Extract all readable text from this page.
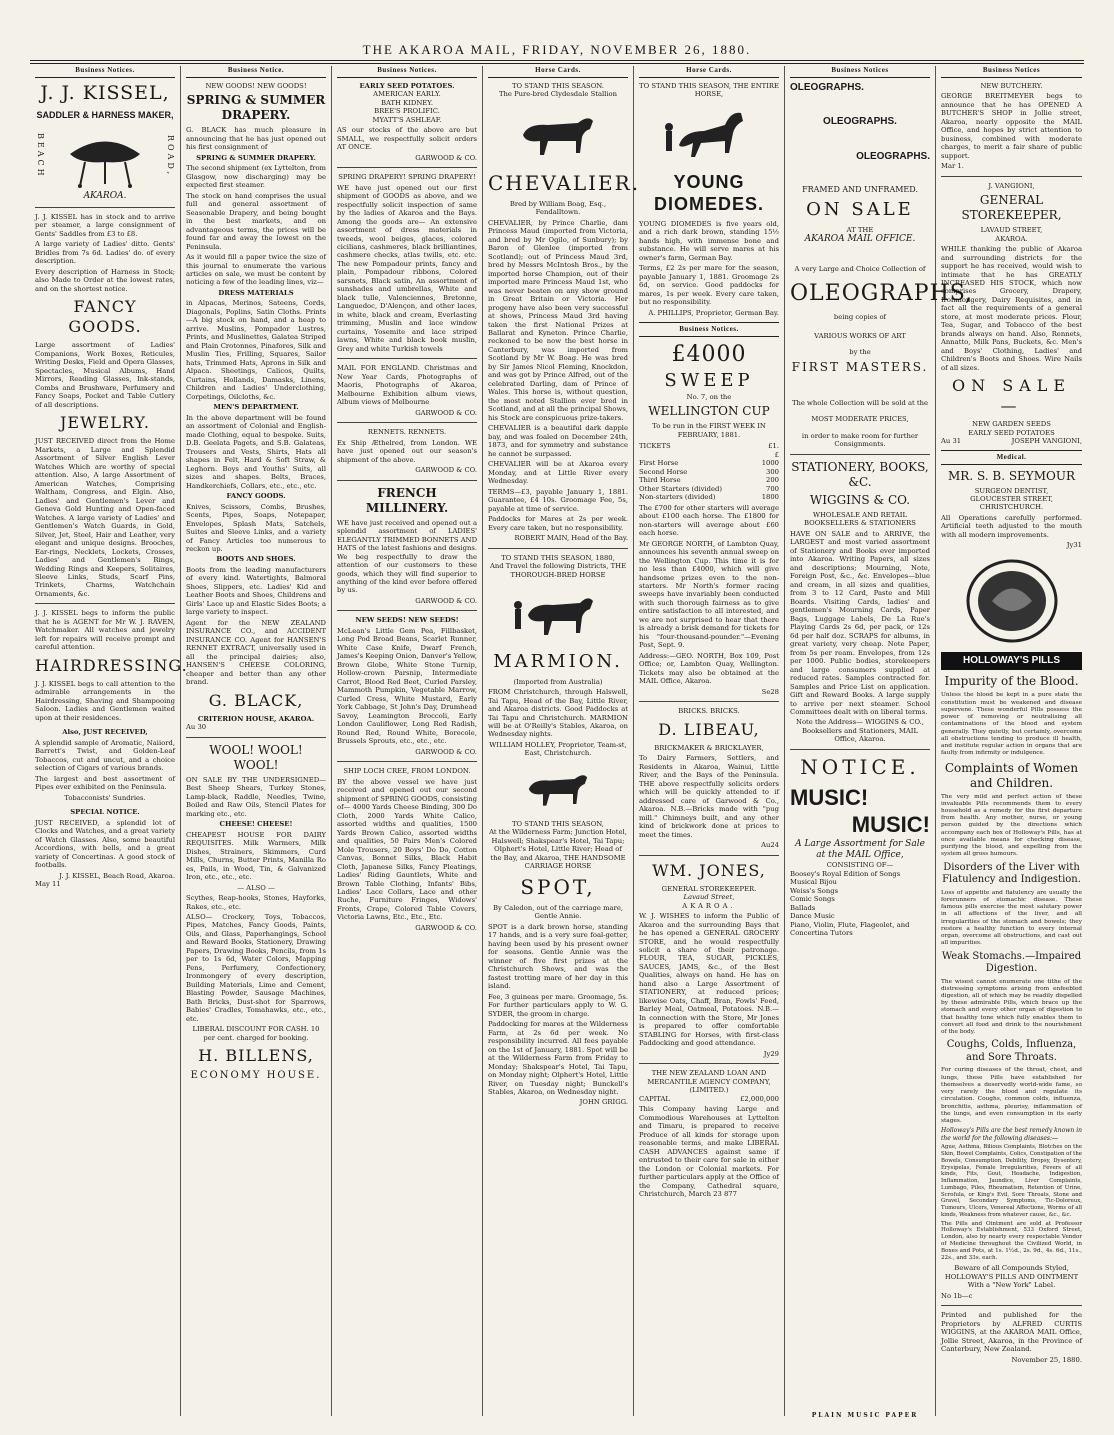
THE AKAROA MAIL, FRIDAY, NOVEMBER 26, 1880.
Business Notices.
J. J. KISSEL,
SADDLER & HARNESS MAKER,
BEACH	ROAD,
AKAROA.

J. J. KISSEL has in stock and to arrive per steamer, a large consignment of Gents' Saddles from £3 to £8.

A large variety of Ladies' ditto. Gents' Bridles from 7s 6d. Ladies' do. of every description.

Every description of Harness in Stock; also Made to Order at the lowest rates, and on the shortest notice.

FANCY GOODS.

Large assortment of Ladies' Companions, Work Boxes, Reticules, Writing Desks, Field and Opera Glasses, Spectacles, Musical Albums, Hand Mirrors, Reading Glasses, Ink-stands, Combs and Brushware, Perfumery and Fancy Soaps, Pocket and Table Cutlery of all descriptions.

JEWELRY.

JUST RECEIVED direct from the Home Markets, a Large and Splendid Assortment of Silver English Lever Watches Which are worthy of special attention. Also, A large Assortment of American Watches, Comprising Waltham, Congress, and Elgin. Also, Ladies' and Gentlemen's Lever and Geneva Gold Hunting and Open-faced Watches. A large variety of Ladies' and Gentlemen's Watch Guards, in Gold, Silver, Jet, Steel, Hair and Leather, very elegant and unique designs. Brooches, Ear-rings, Necklets, Lockets, Crosses, Ladies' and Gentlemen's Rings, Wedding Rings and Keepers, Solitaires, Sleeve Links, Studs, Scarf Pins, Trinkets, Charms, Watchchain Ornaments, &c.

J. J. KISSEL begs to inform the public that he is AGENT for Mr W. J. RAVEN, Watchmaker. All watches and jewelry left for repairs will receive prompt and careful attention.

HAIRDRESSING.

J. J. KISSEL begs to call attention to the admirable arrangements in the Hairdressing, Shaving and Shampooing Saloon. Ladies and Gentlemen waited upon at their residences.

Also, JUST RECEIVED,

A splendid sample of Aromatic, Naiiord, Barrett's Twist, and Golden-Leaf Tobaccos, cut and uncut, and a choice selection of Cigars of various brands.

The largest and best assortment of Pipes ever exhibited on the Peninsula.

Tobacconists' Sundries.
SPECIAL NOTICE.

JUST RECEIVED, a splendid lot of Clocks and Watches, and a great variety of Watch Glasses. Also, some beautiful Accordions, with bells, and a great variety of Concertinas. A good stock of footballs.

J. J. KISSEL, Beach Road, Akaroa.
May 11
Business Notice.
NEW GOODS! NEW GOODS!
SPRING & SUMMER DRAPERY.

G. BLACK has much pleasure in announcing that he has just opened out his first consignment of

SPRING & SUMMER DRAPERY.

The second shipment (ex Lyttelton, from Glasgow, now discharging) may be expected first steamer.

The stock on hand comprises the usual full and general assortment of Seasonable Drapery, and being bought in the best markets, and on advantageous terms, the prices will be found far and away the lowest on the Peninsula.

As it would fill a paper twice the size of this journal to enumerate the various articles on sale, we must be content by noticing a few of the leading lines, viz—

DRESS MATERIALS

in Alpacas, Merinos, Sateens, Cords, Diagonals, Poplins, Satin Cloths. Prints—A big stock on hand, and a heap to arrive. Muslins, Pompador Lustres, Prints, and Muslinettes, Galatea Striped and Plain Crotonnes, Pinafores, Silk and Muslin Ties, Frilling, Squares, Sailor hats, Trimmed Hats, Aprons in Silk and Alpaca. Sheetings, Calicos, Quilts, Curtains, Hollands, Damasks, Linens, Children and Ladies' Underclothing, Corpetings, Oilcloths, &c.

MEN'S DEPARTMENT.

In the above department will be found an assortment of Colonial and English-made Clothing, equal to bespoke. Suits, D.B. Geelata Pagets, and S.B. Galateas, Trousers and Vests, Shirts, Hats all shapes in Felt, Hard & Soft Straw, & Leghorn. Boys and Youths' Suits, all sizes and shapes. Belts, Braces, Handkerchiefs, Collars, etc., etc., etc.

FANCY GOODS.

Knives, Scissors, Combs, Brushes, Scents, Pipes, Soaps, Notepaper, Envelopes, Splash Mats, Satchels, Suites and Sleeve Links, and a variety of Fancy Articles too numerous to reckon up.

BOOTS AND SHOES.

Boots from the leading manufacturers of every kind. Watertights, Balmoral Shoes, Slippers, etc. Ladies' Kid and Leather Boots and Shoes, Childrens and Girls' Lace up and Elastic Sides Boots; a large variety to inspect.

Agent for the NEW ZEALAND INSURANCE CO., and ACCIDENT INSURANCE CO. Agent for HANSEN'S RENNET EXTRACT, universally used in all the principal dairies; also, HANSEN'S CHEESE COLORING, cheaper and better than any other brand.

G. BLACK,
CRITERION HOUSE, AKAROA.
Au 30
WOOL! WOOL! WOOL!

ON SALE BY THE UNDERSIGNED— Best Sheep Shears, Turkey Stones, Lamp-black, Raddle, Needles, Twine, Boiled and Raw Oils, Stencil Plates for marking etc., etc.

CHEESE! CHEESE!

CHEAPEST HOUSE FOR DAIRY REQUISITES. Milk Warmers, Milk Dishes, Strainers, Skimmers, Curd Mills, Churns, Butter Prints, Manilla Ro es, Pails, in Wood, Tin, & Galvanized Iron, etc., etc., etc.

— ALSO —

Scythes, Reap-hooks, Stones, Hayforks, Rakes, etc., etc.

ALSO— Crockery, Toys, Tobaccos, Pipes, Matches, Fancy Goods, Paints, Oils, and Glass, Paperhangings, School and Reward Books, Stationery, Drawing Papers, Drawing Books, Pencils, from 1s per to 1s 6d, Water Colors, Mapping Pens, Perfumery, Confectionery, Ironmongery of every description, Building Materials, Lime and Cement, Blasting Powder, Sausage Machines, Bath Bricks, Dust-shot for Sparrows, Babies' Cradles, Tomahawks, etc., etc., etc.

LIBERAL DISCOUNT FOR CASH. 10 per cent. charged for booking.
H. BILLENS,
ECONOMY HOUSE.
Business Notices.
EARLY SEED POTATOES.
AMERICAN EARLY.
BATH KIDNEY.
BREE'S PROLIFIC.
MYATT'S ASHLEAF.

AS our stocks of the above are but SMALL, we respectfully solicit orders AT ONCE.

GARWOOD & CO.
SPRING DRAPERY! SPRING DRAPERY!

WE have just opened out our first shipment of GOODS as above, and we respectfully solicit inspection of same by the ladies of Akaroa and the Bays. Among the goods are— An extensive assortment of dress materials in tweeds, wool beiges, glaces, colored cicilians, cashmeres, black brilliantines, cashmere checks, atlas twills, etc. etc. The new Pompadour prints, fancy and plain, Pompadour ribbons, Colored sarsnets, Black satin, An assortment of sunshades and umbrellas, White and black tulle, Valenciennes, Bretonne, Languedoc, D'Alençon, and other laces, in white, black and cream, Everlasting trimming, Muslin and lace window curtains, Yosemite and lace striped lawns, White and black book muslin, Grey and white Turkish towels

MAIL FOR ENGLAND. Christmas and New Year Cards, Photographs of Maoris, Photographs of Akaroa, Melbourne Exhibition album views, Album views of Melbourne

GARWOOD & CO.
RENNETS. RENNETS.

Ex Ship Æthelred, from London. WE have just opened out our season's shipment of the above.

GARWOOD & CO.
FRENCH MILLINERY.

WE have just received and opened out a splendid assortment of LADIES' ELEGANTLY TRIMMED BONNETS AND HATS of the latest fashions and designs. We beg respectfully to draw the attention of our customers to these goods, which they will find superior to anything of the kind ever before offered by us.

GARWOOD & CO.
NEW SEEDS! NEW SEEDS!

McLean's Little Gem Pea, Fillbasket, Long Pod Broad Beans, Scarlet Runner, White Case Knife, Dwarf French, James's Keeping Onion, Danver's Yellow, Brown Globe, White Stone Turnip, Hollow-crown Parsnip, Intermediate Carrot, Blood Red Beet, Curled Parsley, Mammoth Pumpkin, Vegetable Marrow, Curled Cress, White Mustard, Early York Cabbage, St John's Day, Drumhead Savoy, Leamington Broccoli, Early London Cauliflower, Long Red Radish, Round Red, Round White, Borecole, Brussels Sprouts, etc., etc., etc.

GARWOOD & CO.
SHIP LOCH CREE, FROM LONDON.

BY the above vessel we have just received and opened out our second shipment of SPRING GOODS, consisting of— 4000 Yards Cheese Binding, 300 Do Cloth, 2000 Yards White Calico, assorted widths and qualities, 1500 Yards Brown Calico, assorted widths and qualities, 50 Pairs Men's Colored Mole Trousers, 20 Boys' Do Do, Cotton Canvas, Bonnet Silks, Black Habit Cloth, Japanese Silks, Fancy Pleatings, Ladies' Riding Gauntlets, White and Brown Table Clothing, Infants' Bibs, Ladies' Lace Collars, Lace and other Ruche, Furniture Fringes, Widows' Fronts, Crape, Colored Table Covers, Victoria Lawns, Etc., Etc., Etc.

GARWOOD & CO.
Horse Cards.
TO STAND THIS SEASON.
The Pure-bred Clydesdale Stallion
CHEVALIER.
Bred by William Boag, Esq., Fendalltown.

CHEVALIER, by Prince Charlie, dam Princess Maud (imported from Victoria, and bred by Mr Ogilo, of Sunbury); by Baron of Glenlee (imported from Scotland); out of Princess Maud 3rd, bred by Messrs McIntosh Bros., by the imported horse Champion, out of their imported mare Princess Maud 1st, who was never beaten on any show ground in Great Britain or Victoria. Her progeny have also been very successful at shows, Princess Maud 3rd having taken the first National Prizes at Ballarat and Kyneton. Prince Charlie, reckoned to be now the best horse in Canterbury, was imported from Scotland by Mr W. Boag. He was bred by Sir James Nicol Fleming, Knockdon, and was got by Prince Alfred, out of the celebrated Darling, dam of Prince of Wales. This horse is, without question, the most noted Stallion ever bred in Scotland, and at all the principal Shows, his Stock are conspicuous prize-takers.

CHEVALIER is a beautiful dark dapple bay, and was foaled on December 24th, 1873, and for symmetry and substance he cannot be surpassed.

CHEVALIER will be at Akaroa every Monday, and at Little River every Wednesday.

TERMS—£3, payable January 1, 1881. Guarantee, £4 10s. Groomage Fee, 5s, payable at time of service.

Paddocks for Mares at 2s per week. Every care taken, but no responsibility.

ROBERT MAIN, Head of the Bay.
TO STAND THIS SEASON, 1880,
And Travel the following Districts, THE THOROUGH-BRED HORSE
MARMION.
(Imported from Australia)

FROM Christchurch, through Halswell, Tai Tapu, Head of the Bay, Little River, and Akaroa districts. Good Paddocks at Tai Tapu and Christchurch. MARMION will be at O'Reilly's Stables, Akaroa, on Wednesday nights.

WILLIAM HOLLEY, Proprietor, Team-st, East, Christchurch.
TO STAND THIS SEASON,
At the Wilderness Farm; Junction Hotel, Halswell; Shakspear's Hotel, Tai Tapu; Olphert's Hotel, Little River; Head of the Bay, and Akaroa, THE HANDSOME CARRIAGE HORSE
SPOT,
By Caledon, out of the carriage mare, Gentle Annie.

SPOT is a dark brown horse, standing 17 hands, and is a very sure foal-getter, having been used by his present owner for seasons. Gentle Annie was the winner of five first prizes at the Christchurch Shows, and was the fastest trotting mare of her day in this island.

Fee, 3 guineas per mare. Groomage, 5s. For further particulars apply to W. G. SYDER, the groom in charge.

Paddocking for mares at the Wilderness Farm, at 2s 6d per week. No responsibility incurred. All fees payable on the 1st of January, 1881. Spot will be at the Wilderness Farm from Friday to Monday; Shakspear's Hotel, Tai Tapu, on Monday night; Olphert's Hotel, Little River, on Tuesday night; Bunckell's Stables, Akaroa, on Wednesday night.

JOHN GRIGG.
Horse Cards.
TO STAND THIS SEASON, THE ENTIRE HORSE,
YOUNG DIOMEDES.

YOUNG DIOMEDES is five years old, and a rich dark brown, standing 15½ hands high, with immense bone and substance. He will serve mares at his owner's farm, German Bay.

Terms, £2 2s per mare for the season, payable January 1, 1881. Groomage 2s 6d, on service. Good paddocks for mares, 1s per week. Every care taken, but no responsibility.

A. PHILLIPS, Proprietor, German Bay.
Business Notices.
£4000
SWEEP
No. 7, on the
WELLINGTON CUP
To be run in the FIRST WEEK IN FEBRUARY, 1881.
TICKETS	£1.
£
First Horse	1000
Second Horse	300
Third Horse	200
Other Starters (divided)	700
Non-starters (divided)	1800

The £700 for other starters will average about £100 each horse. The £1800 for non-starters will average about £60 each horse.

Mr GEORGE NORTH, of Lambton Quay, announces his seventh annual sweep on the Wellington Cup. This time it is for no less than £4000, which will give handsome prizes even to the non-starters. Mr North's former racing sweeps have invariably been conducted with such thorough fairness as to give entire satisfaction to all interested, and we are not surprised to hear that there is already a brisk demand for tickets for his "four-thousand-pounder."—Evening Post, Sept. 9.

Address:—GEO. NORTH, Box 109, Post Office; or, Lambton Quay, Wellington. Tickets may also be obtained at the MAIL Office, Akaroa.

Se28
BRICKS. BRICKS.
D. LIBEAU,
BRICKMAKER & BRICKLAYER,

To Dairy Farmers, Settlers, and Residents in Akaroa, Wainui, Little River, and the Bays of the Peninsula. THE above respectfully solicits orders which will be quickly attended to if addressed care of Garwood & Co., Akaroa. N.B.—Bricks made with "pug mill." Chimneys built, and any other kind of brickwork done at prices to meet the times.

Au24
WM. JONES,
GENERAL STOREKEEPER.
Lavaud Street,
AKAROA.

W. J. WISHES to inform the Public of Akaroa and the surrounding Bays that he has opened a GENERAL GROCERY STORE, and he would respectfully solicit a share of their patronage. FLOUR, TEA, SUGAR, PICKLES, SAUCES, JAMS, &c., of the Best Qualities, always on hand. He has on hand also a Large Assortment of STATIONERY, at reduced prices; likewise Oats, Chaff, Bran, Fowls' Feed, Barley Meal, Oatmeal, Potatoes. N.B.—In connection with the Store, Mr Jones is prepared to offer comfortable STABLING for Horses, with first-class Paddocking and good attendance.

Jy29
THE NEW ZEALAND LOAN AND MERCANTILE AGENCY COMPANY, (LIMITED.)
CAPITAL	£2,000,000

This Company having Large and Commodious Warehouses at Lyttelton and Timaru, is prepared to receive Produce of all kinds for storage upon reasonable terms, and make LIBERAL CASH ADVANCES against same if entrusted to their care for sale in either the London or Colonial markets. For further particulars apply at the Office of the Company, Cathedral square, Christchurch, March 23 877

Business Notices
OLEOGRAPHS.
OLEOGRAPHS.
OLEOGRAPHS.
FRAMED AND UNFRAMED.
ON SALE
AT THE
AKAROA MAIL OFFICE.
A very Large and Choice Collection of
OLEOGRAPHS,
being copies of
VARIOUS WORKS OF ART
by the
FIRST MASTERS.
The whole Collection will be sold at the
MOST MODERATE PRICES,
in order to make room for further Consignments.
STATIONERY, BOOKS, &C.
WIGGINS & CO.
WHOLESALE AND RETAIL BOOKSELLERS & STATIONERS

HAVE ON SALE and to ARRIVE, the LARGEST and most varied assortment of Stationery and Books ever imported into Akaroa. Writing Papers, all sizes and descriptions; Mourning, Note, Foreign Post, &c., &c. Envelopes—blue and cream, in all sizes and qualities, from 3 to 12 Card, Paste and Mill Boards. Visiting Cards, ladies' and gentlemen's Mourning Cards, Paper Bags, Luggage Labels, De La Rue's Playing Cards 2s 6d, per pack, or 12s 6d per half doz. SCRAPS for albums, in great variety, very cheap. Note Paper, from 5s per ream. Envelopes, from 12s per 1000. Public bodies, storekeepers and large consumers supplied at reduced rates. Samples contracted for. Samples and Price List on application. Gift and Reward Books. A large supply to arrive per next steamer. School Committees dealt with on liberal terms.

Note the Address— WIGGINS & CO., Booksellers and Stationers, MAIL Office, Akaroa.

NOTICE.
MUSIC!
MUSIC!
A Large Assortment for Sale at the MAIL Office,
CONSISTING OF—
Boosey's Royal Edition of Songs
Musical Bijou
Weiss's Songs
Comic Songs
Ballads
Dance Music
Piano, Violin, Flute, Flageolet, and Concertina Tutors
Business Notices
NEW BUTCHERY.

GEORGE BREITMEYER begs to announce that he has OPENED A BUTCHER'S SHOP in Jollie street, Akaroa, nearly opposite the MAIL Office, and hopes by strict attention to business, combined with moderate charges, to merit a fair share of public support.

Mar 1.
J. VANGIONI,
GENERAL STOREKEEPER,
LAVAUD STREET,
AKAROA.

WHILE thanking the public of Akaroa and surrounding districts for the support he has received, would wish to intimate that he has GREATLY INCREASED HIS STOCK, which now comprises Grocery, Drapery, Ironmongery, Dairy Requisites, and in fact all the requirements of a general store, at most moderate prices. Flour, Tea, Sugar, and Tobacco of the best brands always on hand. Also, Rennets, Annatto, Milk Pans, Buckets, &c. Men's and Boys' Clothing, Ladies' and Children's Boots and Shoes. Wire Nails of all sizes.

ON SALE—
NEW GARDEN SEEDS
EARLY SEED POTATOES
Au 31	JOSEPH VANGIONI,
Medical.
MR. S. B. SEYMOUR
SURGEON DENTIST,
GLOUCESTER STREET,
CHRISTCHURCH.

All Operations carefully performed. Artificial teeth adjusted to the mouth with all modern improvements.

Jy31
HOLLOWAY'S PILLS
Impurity of the Blood.

Unless the blood be kept in a pure state the constitution must be weakened and disease supervene. These wonderful Pills possess the power of removing or neutralising all contaminations of the blood and system generally. They quietly, but certainly, overcome all obstructions tending to produce ill health, and institute regular action in organs that are faulty from infirmity or indulgence.

Complaints of Women and Children.

The very mild and perfect action of these invaluable Pills recommends them to every household as a remedy for the first departure from health. Any mother, nurse, or young person guided by the directions which accompany each box of Holloway's Pills, has at once available means for checking disease, purifying the blood, and expelling from the system all gross humours.

Disorders of the Liver with Flatulency and Indigestion.

Loss of appetite and flatulency are usually the forerunners of stomachic disease. These famous pills exercise the most salutary power in all affections of the liver, and all irregularities of the stomach and bowels; they restore a healthy function to every internal organ, overcome all obstructions, and cast out all impurities.

Weak Stomachs.—Impaired Digestion.

The wisest cannot enumerate one tithe of the distressing symptoms arising from enfeebled digestion, all of which may be readily dispelled by these admirable Pills, which brace up the stomach and every other organ of digestion to that healthy tone which fully enables them to convert all food and drink to the nourishment of the body.

Coughs, Colds, Influenza, and Sore Throats.

For curing diseases of the throat, chest, and lungs, these Pills have established for themselves a deservedly world-wide fame, so very rarely the blood and regulate its circulation. Coughs, common colds, influenza, bronchitis, asthma, pleurisy, inflammation of the lungs, and even consumption in its early stages.

Holloway's Pills are the best remedy known in the world for the following diseases:—

Ague, Asthma, Bilious Complaints, Blotches on the Skin, Bowel Complaints, Colics, Constipation of the Bowels, Consumption, Debility, Dropsy, Dysentery, Erysipelas, Female Irregularities, Fevers of all kinds, Fits, Gout, Headache, Indigestion, Inflammation, Jaundice, Liver Complaints, Lumbago, Piles, Rheumatism, Retention of Urine, Scrofula, or King's Evil, Sore Throats, Stone and Gravel, Secondary Symptoms, Tic-Doloreux, Tumours, Ulcers, Venereal Affections, Worms of all kinds, Weakness from whatever cause, &c., &c.

The Pills and Ointment are sold at Professor Holloway's Establishment, 533 Oxford Street, London, also by nearly every respectable Vendor of Medicine throughout the Civilized World, in Boxes and Pots, at 1s. 1½d., 2s. 9d., 4s. 6d., 11s., 22s., and 33s. each.

Beware of all Compounds Styled, HOLLOWAY'S PILLS AND OINTMENT With a "New York" Label.

No 1b—c

Printed and published for the Proprietors by ALFRED CURTIS WIGGINS, at the AKAROA MAIL Office, Jollie Street, Akaroa, in the Province of Canterbury, New Zealand.

November 25, 1880.
PLAIN MUSIC PAPER
